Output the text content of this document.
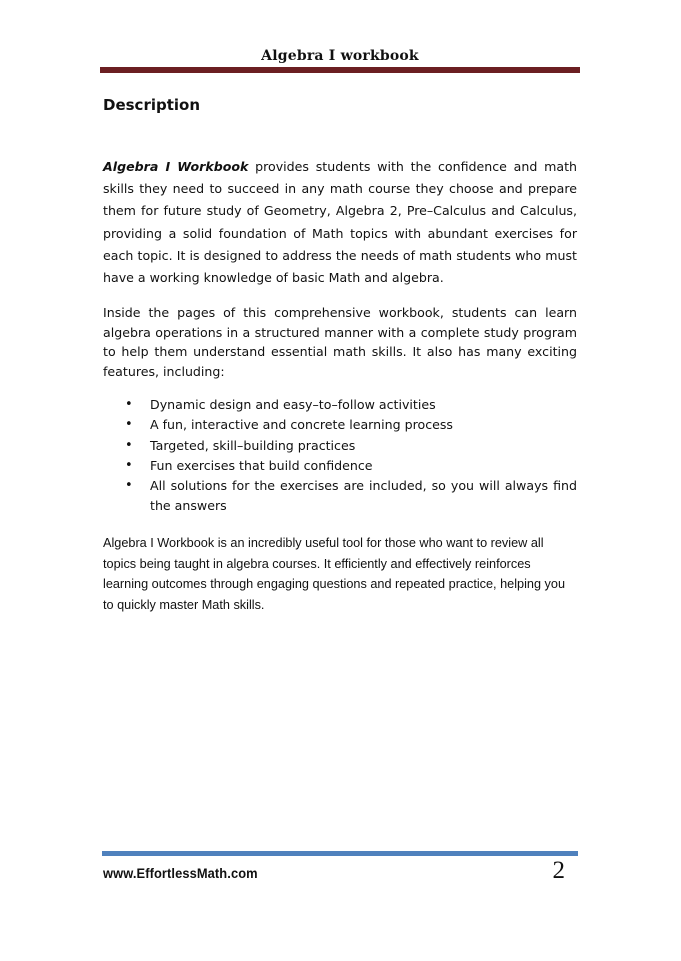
Algebra I workbook
Description

Algebra I Workbook provides students with the confidence and math skills they need to succeed in any math course they choose and prepare them for future study of Geometry, Algebra 2, Pre–Calculus and Calculus, providing a solid foundation of Math topics with abundant exercises for each topic. It is designed to address the needs of math students who must have a working knowledge of basic Math and algebra.

Inside the pages of this comprehensive workbook, students can learn algebra operations in a structured manner with a complete study program to help them understand essential math skills. It also has many exciting features, including:

• Dynamic design and easy–to–follow activities
• A fun, interactive and concrete learning process
• Targeted, skill–building practices
• Fun exercises that build confidence
• All solutions for the exercises are included, so you will always find the answers

Algebra I Workbook is an incredibly useful tool for those who want to review all topics being taught in algebra courses. It efficiently and effectively reinforces learning outcomes through engaging questions and repeated practice, helping you to quickly master Math skills.

www.EffortlessMath.com	2
